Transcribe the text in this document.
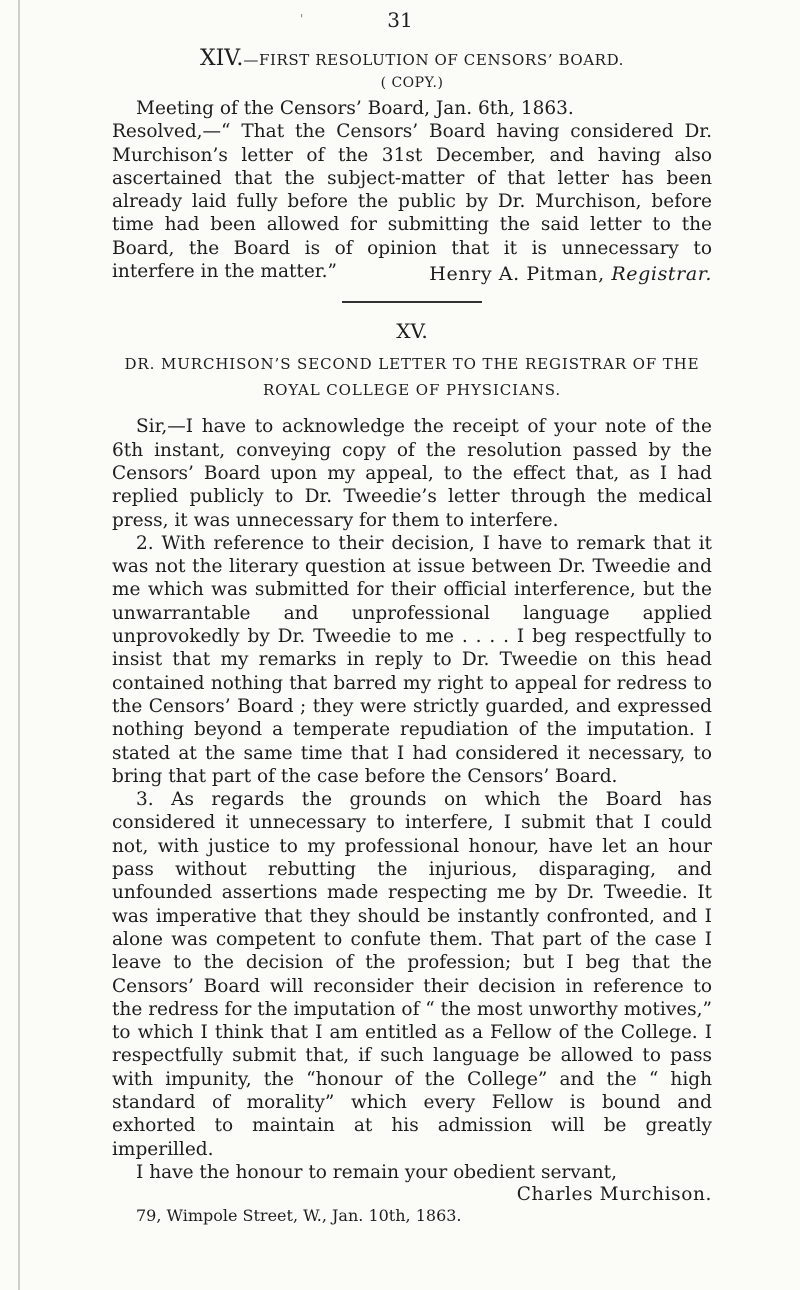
'	31
XIV.—FIRST RESOLUTION OF CENSORS’ BOARD.
( COPY.)

Meeting of the Censors’ Board, Jan. 6th, 1863.

Resolved,—“ That the Censors’ Board having considered Dr. Murchison’s letter of the 31st December, and having also ascertained that the subject-matter of that letter has been already laid fully before the public by Dr. Murchison, before time had been allowed for submitting the said letter to the Board, the Board is of opinion that it is unnecessary to interfere in the matter.”	Henry A. Pitman, Registrar.
XV.
DR. MURCHISON’S SECOND LETTER TO THE REGISTRAR OF THE
ROYAL COLLEGE OF PHYSICIANS.

Sir,—I have to acknowledge the receipt of your note of the 6th instant, conveying copy of the resolution passed by the Censors’ Board upon my appeal, to the effect that, as I had replied publicly to Dr. Tweedie’s letter through the medical press, it was unnecessary for them to interfere.

2. With reference to their decision, I have to remark that it was not the literary question at issue between Dr. Tweedie and me which was submitted for their official interference, but the unwarrantable and unprofessional language applied unprovokedly by Dr. Tweedie to me . . . . I beg respectfully to insist that my remarks in reply to Dr. Tweedie on this head contained nothing that barred my right to appeal for redress to the Censors’ Board ; they were strictly guarded, and expressed nothing beyond a temperate repudiation of the imputation. I stated at the same time that I had considered it necessary, to bring that part of the case before the Censors’ Board.

3. As regards the grounds on which the Board has considered it unnecessary to interfere, I submit that I could not, with justice to my professional honour, have let an hour pass without rebutting the injurious, disparaging, and unfounded assertions made respecting me by Dr. Tweedie. It was imperative that they should be instantly confronted, and I alone was competent to confute them. That part of the case I leave to the decision of the profession; but I beg that the Censors’ Board will reconsider their decision in reference to the redress for the imputation of “ the most unworthy motives,” to which I think that I am entitled as a Fellow of the College. I respectfully submit that, if such language be allowed to pass with impunity, the “honour of the College” and the “ high standard of morality” which every Fellow is bound and exhorted to maintain at his admission will be greatly imperilled.

I have the honour to remain your obedient servant,

Charles Murchison.

79, Wimpole Street, W., Jan. 10th, 1863.
